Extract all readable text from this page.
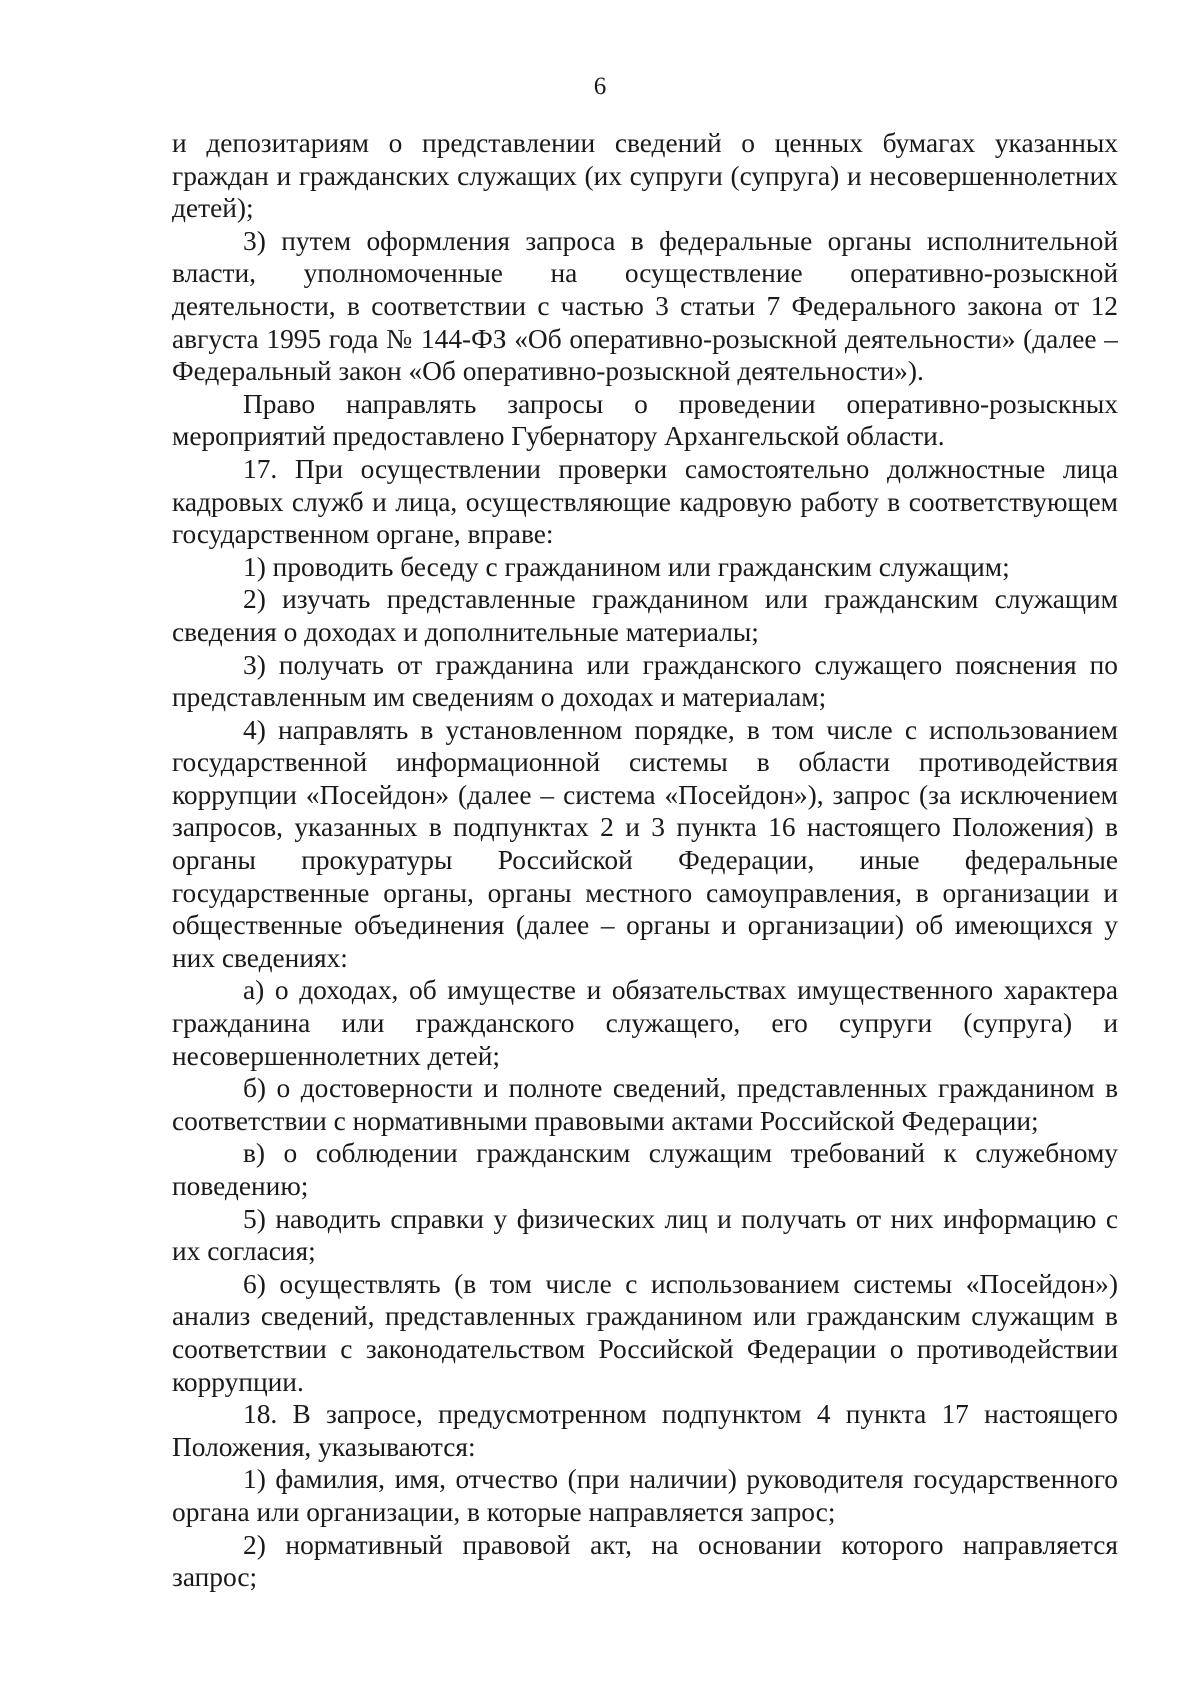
6

и депозитариям о представлении сведений о ценных бумагах указанных граждан и гражданских служащих (их супруги (супруга) и несовершеннолетних детей);

3) путем оформления запроса в федеральные органы исполнительной власти, уполномоченные на осуществление оперативно-розыскной деятельности, в соответствии с частью 3 статьи 7 Федерального закона от 12 августа 1995 года № 144-ФЗ «Об оперативно-розыскной деятельности» (далее – Федеральный закон «Об оперативно-розыскной деятельности»).

Право направлять запросы о проведении оперативно-розыскных мероприятий предоставлено Губернатору Архангельской области.

17. При осуществлении проверки самостоятельно должностные лица кадровых служб и лица, осуществляющие кадровую работу в соответствующем государственном органе, вправе:

1) проводить беседу с гражданином или гражданским служащим;

2) изучать представленные гражданином или гражданским служащим сведения о доходах и дополнительные материалы;

3) получать от гражданина или гражданского служащего пояснения по представленным им сведениям о доходах и материалам;

4) направлять в установленном порядке, в том числе с использованием государственной информационной системы в области противодействия коррупции «Посейдон» (далее – система «Посейдон»), запрос (за исключением запросов, указанных в подпунктах 2 и 3 пункта 16 настоящего Положения) в органы прокуратуры Российской Федерации, иные федеральные государственные органы, органы местного самоуправления, в организации и общественные объединения (далее – органы и организации) об имеющихся у них сведениях:

а) о доходах, об имуществе и обязательствах имущественного характера гражданина или гражданского служащего, его супруги (супруга) и несовершеннолетних детей;

б) о достоверности и полноте сведений, представленных гражданином в соответствии с нормативными правовыми актами Российской Федерации;

в) о соблюдении гражданским служащим требований к служебному поведению;

5) наводить справки у физических лиц и получать от них информацию с их согласия;

6) осуществлять (в том числе с использованием системы «Посейдон») анализ сведений, представленных гражданином или гражданским служащим в соответствии с законодательством Российской Федерации о противодействии коррупции.

18. В запросе, предусмотренном подпунктом 4 пункта 17 настоящего Положения, указываются:

1) фамилия, имя, отчество (при наличии) руководителя государственного органа или организации, в которые направляется запрос;

2) нормативный правовой акт, на основании которого направляется запрос;
